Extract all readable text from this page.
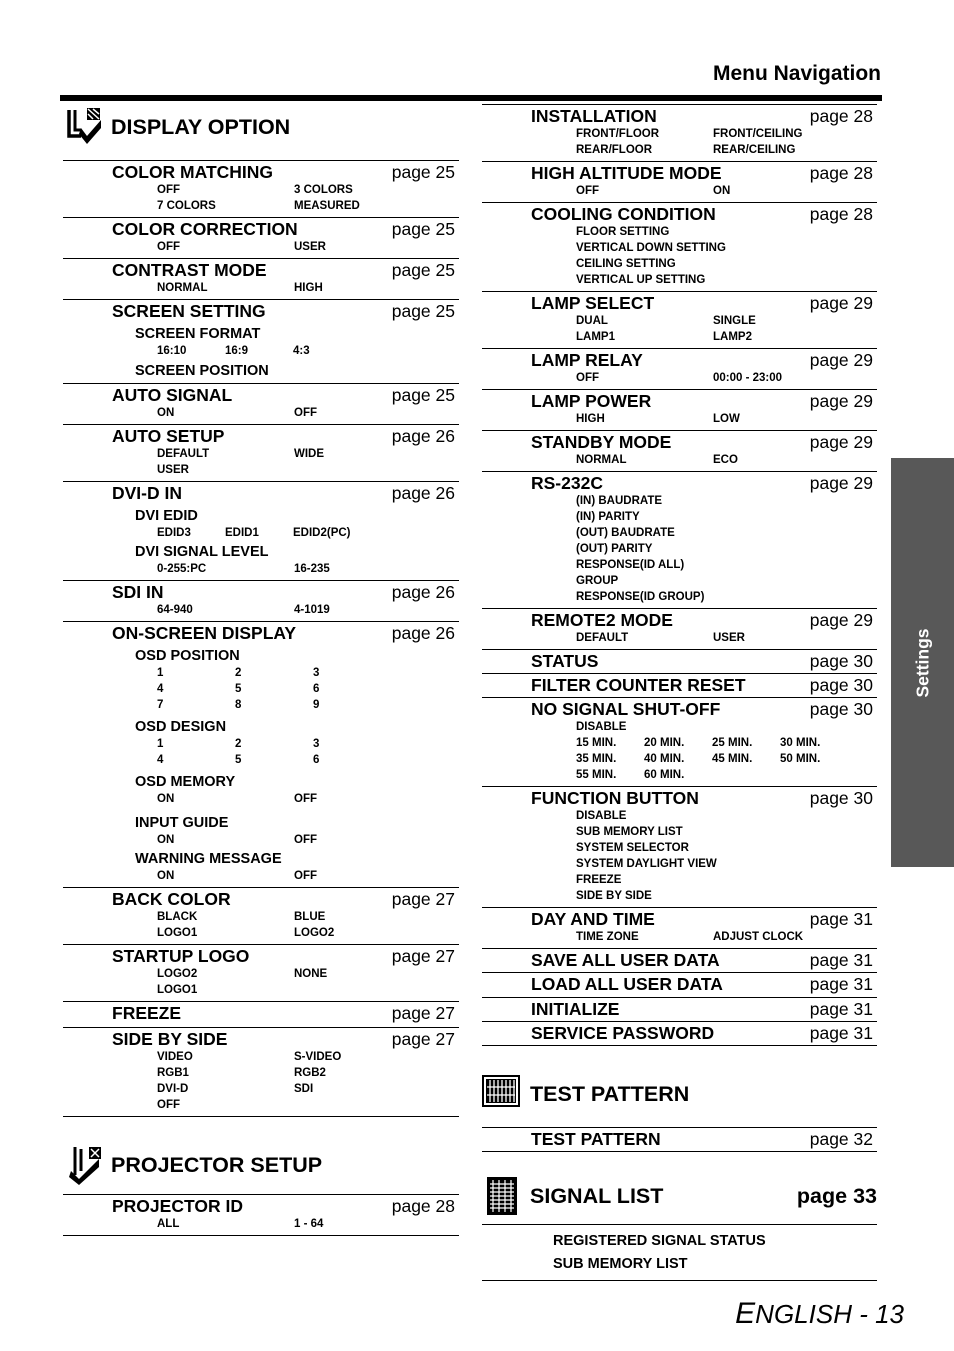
Menu Navigation
Settings
ENGLISH - 13
DISPLAY OPTION
COLOR MATCHING	page 25
OFF	3 COLORS
7 COLORS	MEASURED
COLOR CORRECTION	page 25
OFF	USER
CONTRAST MODE	page 25
NORMAL	HIGH
SCREEN SETTING	page 25
SCREEN FORMAT
16:10	16:9	4:3
SCREEN POSITION
AUTO SIGNAL	page 25
ON	OFF
AUTO SETUP	page 26
DEFAULT	WIDE
USER
DVI-D IN	page 26
DVI EDID
EDID3	EDID1	EDID2(PC)
DVI SIGNAL LEVEL
0-255:PC	16-235
SDI IN	page 26
64-940	4-1019
ON-SCREEN DISPLAY	page 26
OSD POSITION
1	2	3
4	5	6
7	8	9
OSD DESIGN
1	2	3
4	5	6
OSD MEMORY
ON	OFF
INPUT GUIDE
ON	OFF
WARNING MESSAGE
ON	OFF
BACK COLOR	page 27
BLACK	BLUE
LOGO1	LOGO2
STARTUP LOGO	page 27
LOGO2	NONE
LOGO1
FREEZE	page 27
SIDE BY SIDE	page 27
VIDEO	S-VIDEO
RGB1	RGB2
DVI-D	SDI
OFF
PROJECTOR SETUP
PROJECTOR ID	page 28
ALL	1 - 64
INSTALLATION	page 28
FRONT/FLOOR	FRONT/CEILING
REAR/FLOOR	REAR/CEILING
HIGH ALTITUDE MODE	page 28
OFF	ON
COOLING CONDITION	page 28
FLOOR SETTING
VERTICAL DOWN SETTING
CEILING SETTING
VERTICAL UP SETTING
LAMP SELECT	page 29
DUAL	SINGLE
LAMP1	LAMP2
LAMP RELAY	page 29
OFF	00:00 - 23:00
LAMP POWER	page 29
HIGH	LOW
STANDBY MODE	page 29
NORMAL	ECO
RS-232C	page 29
(IN) BAUDRATE
(IN) PARITY
(OUT) BAUDRATE
(OUT) PARITY
RESPONSE(ID ALL)
GROUP
RESPONSE(ID GROUP)
REMOTE2 MODE	page 29
DEFAULT	USER
STATUS	page 30
FILTER COUNTER RESET	page 30
NO SIGNAL SHUT-OFF	page 30
DISABLE
15 MIN. 20 MIN. 25 MIN. 30 MIN.
35 MIN. 40 MIN. 45 MIN. 50 MIN.
55 MIN. 60 MIN.
FUNCTION BUTTON	page 30
DISABLE
SUB MEMORY LIST
SYSTEM SELECTOR
SYSTEM DAYLIGHT VIEW
FREEZE
SIDE BY SIDE
DAY AND TIME	page 31
TIME ZONE	ADJUST CLOCK
SAVE ALL USER DATA	page 31
LOAD ALL USER DATA	page 31
INITIALIZE	page 31
SERVICE PASSWORD	page 31
TEST PATTERN
TEST PATTERN	page 32
SIGNAL LIST	page 33
REGISTERED SIGNAL STATUS
SUB MEMORY LIST
